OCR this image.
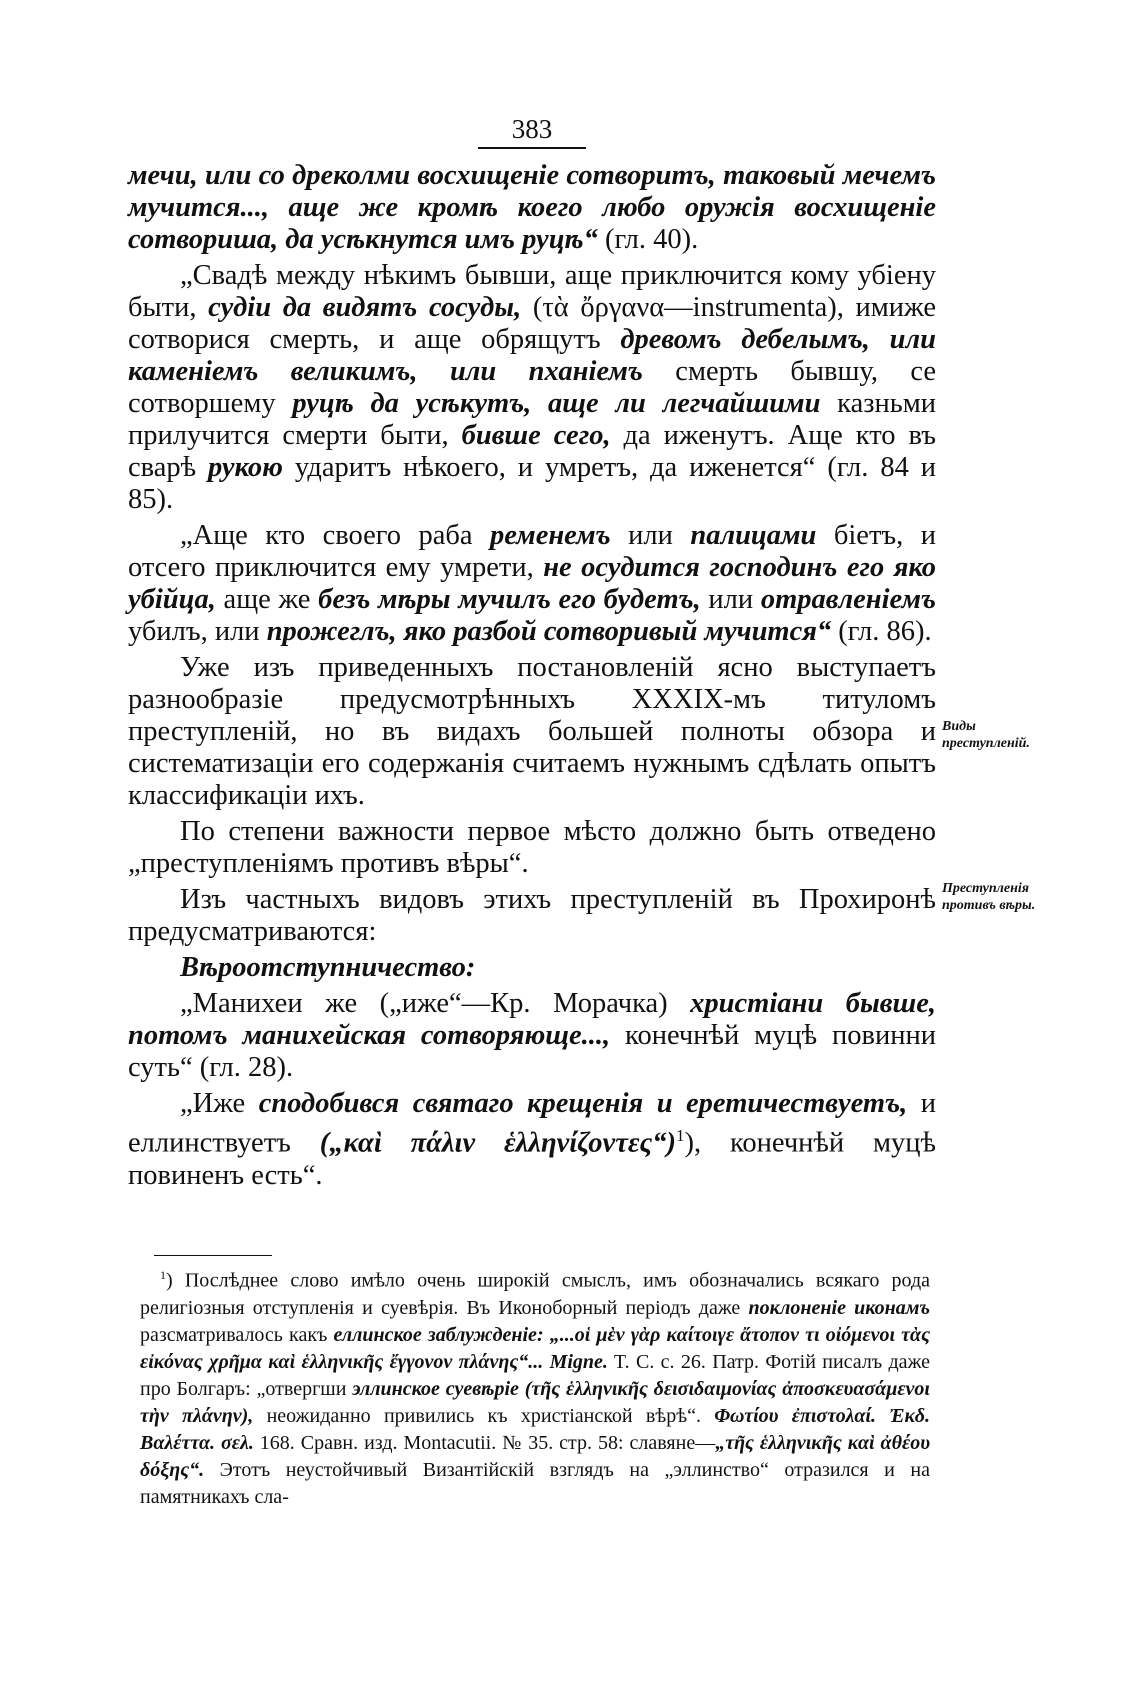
383

мечи, или со дреколми восхищеніе сотворитъ, таковый мечемъ мучится..., аще же кромѣ коего любо оружія восхищеніе сотвориша, да усѣкнутся имъ руцѣ“ (гл. 40).

„Свадѣ между нѣкимъ бывши, аще приключится кому убіену быти, судіи да видятъ сосуды, (τὰ ὄργανα—instrumenta), имиже сотворися смерть, и аще обрящутъ древомъ дебелымъ, или каменіемъ великимъ, или пханіемъ смерть бывшу, се сотворшему руцѣ да усѣкутъ, аще ли легчайшими казньми прилучится смерти быти, бивше сего, да иженутъ. Аще кто въ сварѣ рукою ударитъ нѣкоего, и умретъ, да иженется“ (гл. 84 и 85).

„Аще кто своего раба ременемъ или палицами біетъ, и отсего приключится ему умрети, не осудится господинъ его яко убійца, аще же безъ мѣры мучилъ его будетъ, или отравленіемъ убилъ, или прожеглъ, яко разбой сотворивый мучится“ (гл. 86).

Уже изъ приведенныхъ постановленій ясно выступаетъ разнообразіе предусмотрѣнныхъ XXXIX-мъ титуломъ преступленій, но въ видахъ большей полноты обзора и систематизаціи его содержанія считаемъ нужнымъ сдѣлать опытъ классификаціи ихъ.

По степени важности первое мѣсто должно быть отведено „преступленіямъ противъ вѣры“.

Изъ частныхъ видовъ этихъ преступленій въ Прохиронѣ предусматриваются:

Вѣроотступничество:

„Манихеи же („иже“—Кр. Морачка) христіани бывше, потомъ манихейская сотворяюще..., конечнѣй муцѣ повинни суть“ (гл. 28).

„Иже сподобився святаго крещенія и еретичествуетъ, и еллинствуетъ („καὶ πάλιν ἑλληνίζοντες“)$^1$), конечнѣй муцѣ повиненъ есть“.

Виды преступленій.
Преступленія противъ вѣры.

$^1$) Послѣднее слово имѣло очень широкій смыслъ, имъ обозначались всякаго рода религіозныя отступленія и суевѣрія. Въ Иконоборный періодъ даже поклоненіе иконамъ разсматривалось какъ еллинское заблужденіе: „...οἱ μὲν γὰρ καίτοιγε ἄτοπον τι οἰόμενοι τὰς εἰκόνας χρῆμα καὶ ἑλληνικῆς ἔγγονον πλάνης“... Migne. T. C. c. 26. Патр. Фотій писалъ даже про Болгаръ: „отвергши эллинское суевѣріе (τῆς ἑλληνικῆς δεισιδαιμονίας ἀποσκευασάμενοι τὴν πλάνην), неожиданно привились къ христіанской вѣрѣ“. Φωτίου ἐπιστολαί. Ἐκδ. Βαλέττα. σελ. 168. Сравн. изд. Montacutii. № 35. стр. 58: славяне—„τῆς ἑλληνικῆς καὶ ἀθέου δόξης“. Этотъ неустойчивый Византійскій взглядъ на „эллинство“ отразился и на памятникахъ сла-
